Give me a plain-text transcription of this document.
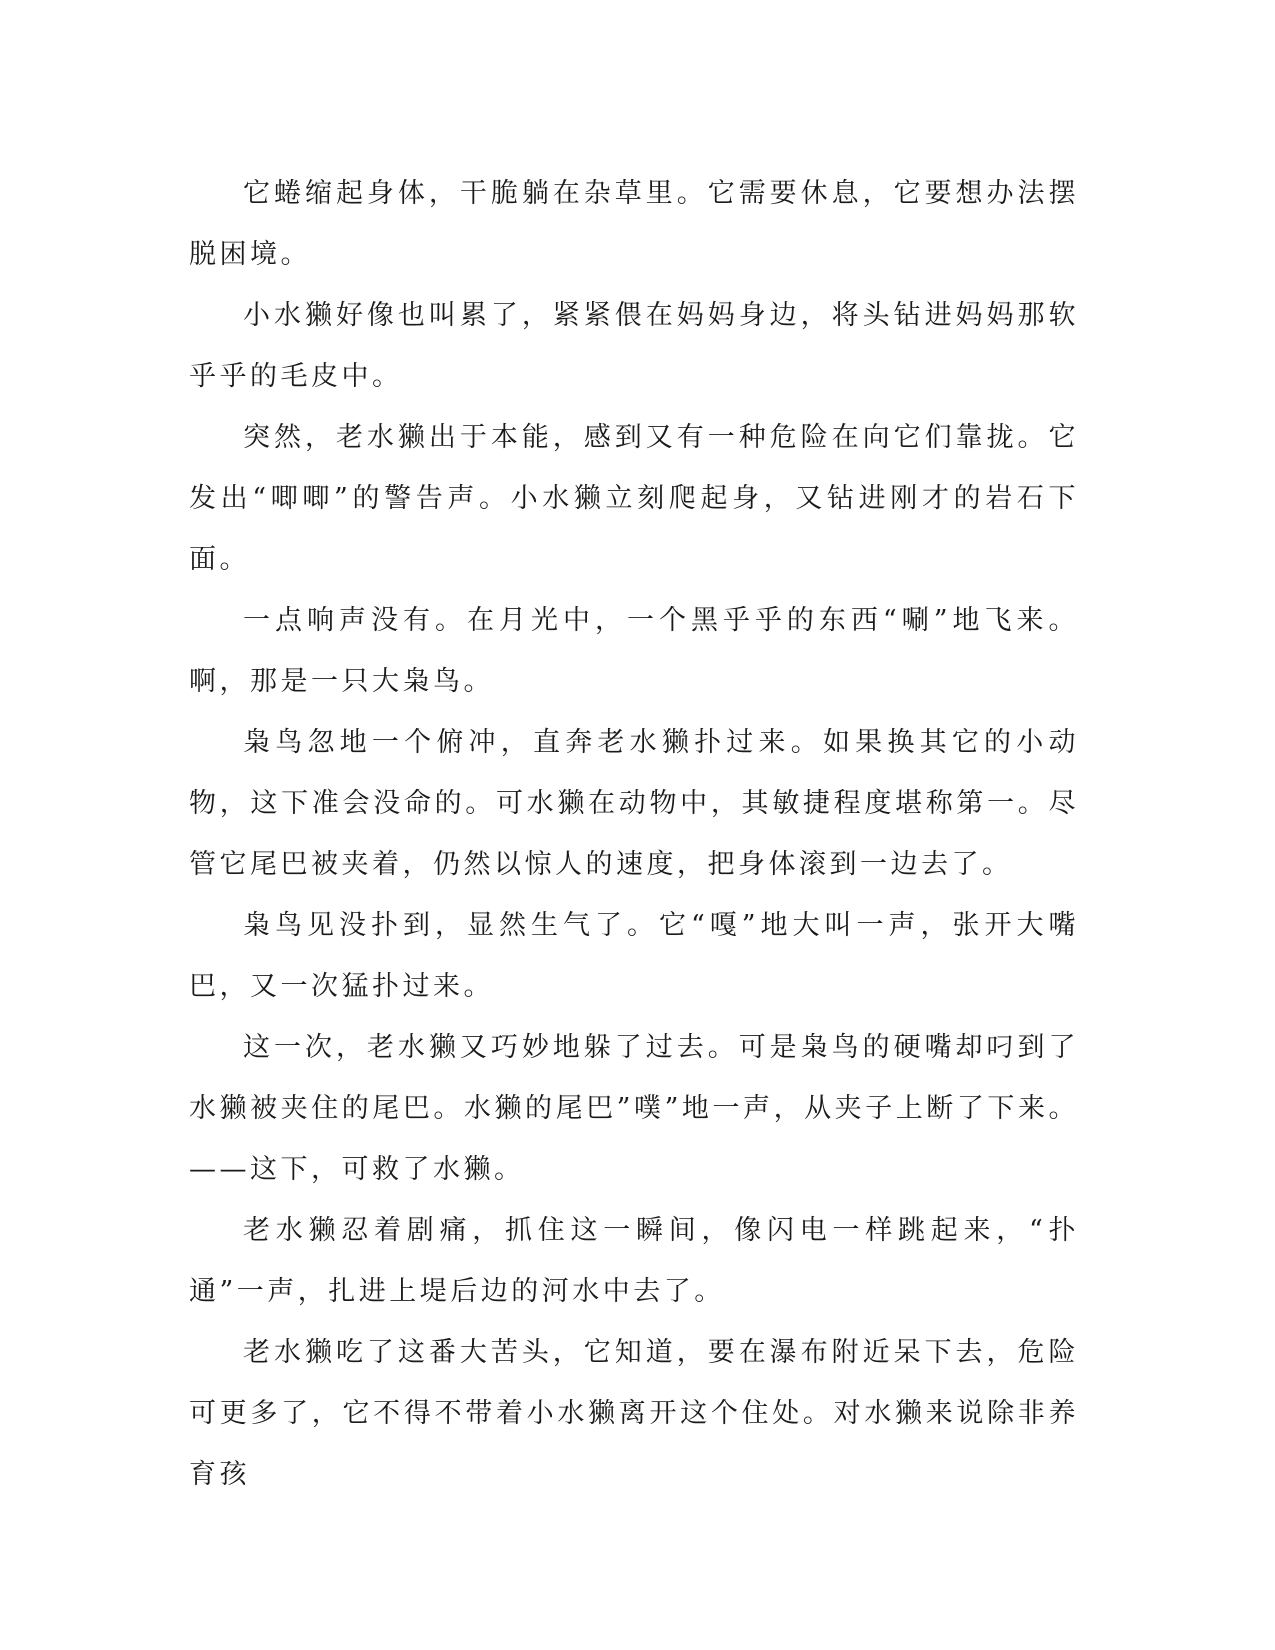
它蜷缩起身体，干脆躺在杂草里。它需要休息，它要想办法摆脱困境。

小水獭好像也叫累了，紧紧偎在妈妈身边，将头钻进妈妈那软乎乎的毛皮中。

突然，老水獭出于本能，感到又有一种危险在向它们靠拢。它发出“唧唧”的警告声。小水獭立刻爬起身，又钻进刚才的岩石下面。

一点响声没有。在月光中，一个黑乎乎的东西“唰”地飞来。啊，那是一只大枭鸟。

枭鸟忽地一个俯冲，直奔老水獭扑过来。如果换其它的小动物，这下准会没命的。可水獭在动物中，其敏捷程度堪称第一。尽管它尾巴被夹着，仍然以惊人的速度，把身体滚到一边去了。

枭鸟见没扑到，显然生气了。它“嘎”地大叫一声，张开大嘴巴，又一次猛扑过来。

这一次，老水獭又巧妙地躲了过去。可是枭鸟的硬嘴却叼到了水獭被夹住的尾巴。水獭的尾巴”噗”地一声，从夹子上断了下来。——这下，可救了水獭。

老水獭忍着剧痛，抓住这一瞬间，像闪电一样跳起来，“扑通”一声，扎进上堤后边的河水中去了。

老水獭吃了这番大苦头，它知道，要在瀑布附近呆下去，危险可更多了，它不得不带着小水獭离开这个住处。对水獭来说除非养育孩
